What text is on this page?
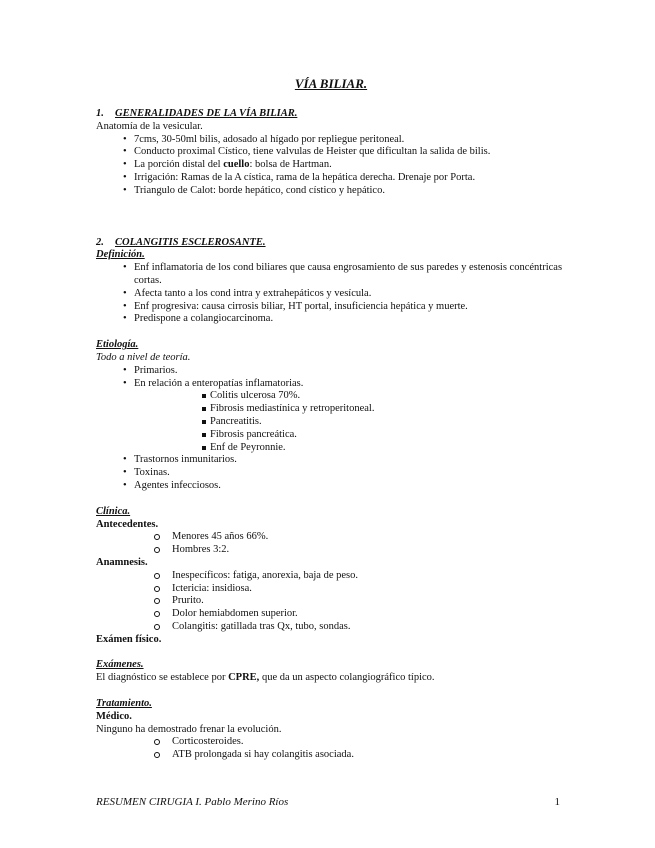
VÍA BILIAR.
1. GENERALIDADES DE LA VÍA BILIAR.
Anatomía de la vesicular.
• 7cms, 30-50ml bilis, adosado al hígado por repliegue peritoneal.
• Conducto proximal Cístico, tiene valvulas de Heister que dificultan la salida de bilis.
• La porción distal del cuello: bolsa de Hartman.
• Irrigación: Ramas de la A cística, rama de la hepática derecha. Drenaje por Porta.
• Triangulo de Calot: borde hepático, cond cístico y hepático.
2. COLANGITIS ESCLEROSANTE.
Definición.
• Enf inflamatoria de los cond biliares que causa engrosamiento de sus paredes y estenosis concéntricas cortas.
• Afecta tanto a los cond intra y extrahepáticos y vesícula.
• Enf progresiva: causa cirrosis biliar, HT portal, insuficiencia hepática y muerte.
• Predispone a colangiocarcinoma.
Etiología.
Todo a nivel de teoría.
• Primarios.
• En relación a enteropatías inflamatorias.
Colitis ulcerosa 70%.
Fibrosis mediastínica y retroperitoneal.
Pancreatitis.
Fibrosis pancreática.
Enf de Peyronnie.
• Trastornos inmunitarios.
• Toxinas.
• Agentes infecciosos.
Clínica.
Antecedentes.
Menores 45 años 66%.
Hombres 3:2.
Anamnesis.
Inespecíficos: fatiga, anorexia, baja de peso.
Ictericia: insidiosa.
Prurito.
Dolor hemiabdomen superior.
Colangitis: gatillada tras Qx, tubo, sondas.
Exámen físico.
Exámenes.
El diagnóstico se establece por CPRE, que da un aspecto colangiográfico típico.
Tratamiento.
Médico.
Ninguno ha demostrado frenar la evolución.
Corticosteroides.
ATB prolongada si hay colangitis asociada.
RESUMEN CIRUGIA I. Pablo Merino Ríos	1
